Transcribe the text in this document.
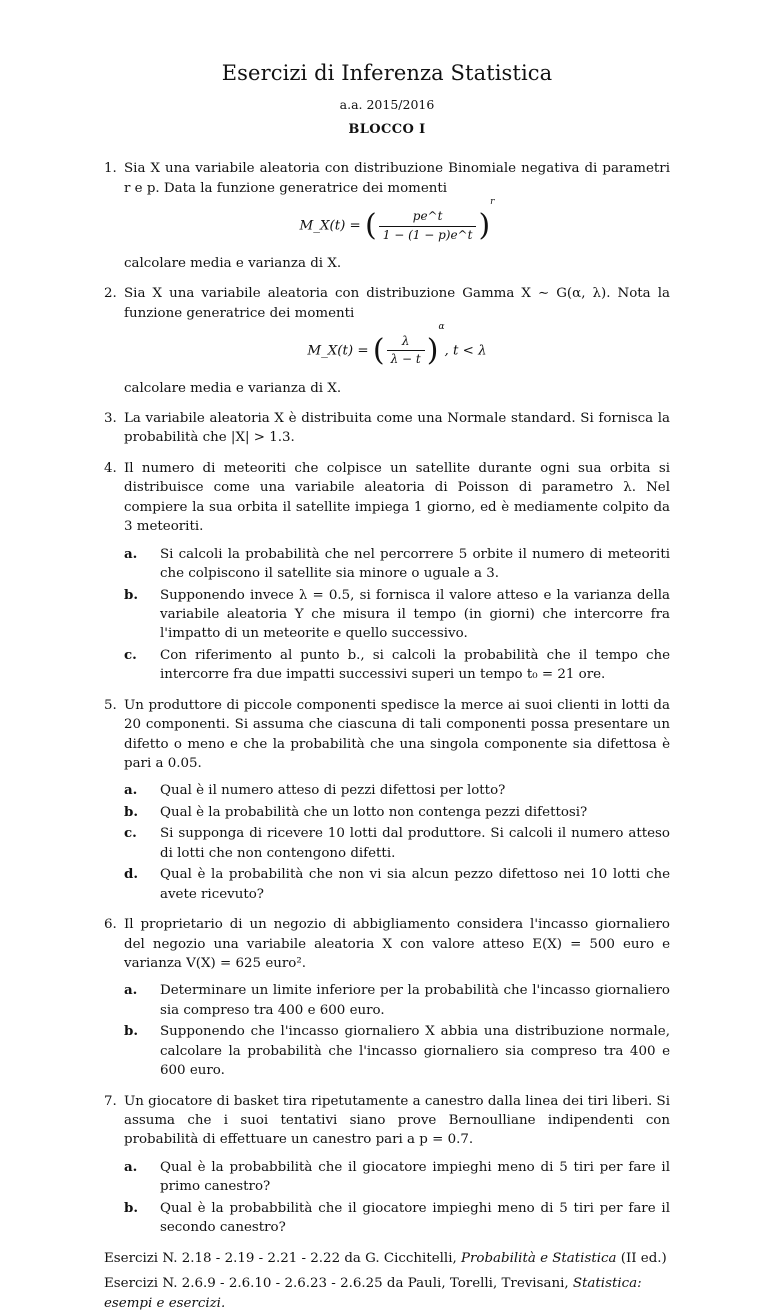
Esercizi di Inferenza Statistica
a.a. 2015/2016
BLOCCO I
1. Sia X una variabile aleatoria con distribuzione Binomiale negativa di parametri r e p. Data la funzione generatrice dei momenti
M_X(t) = ( $\frac{pe\^{}t}{1 - (1 - p)e\^{}t} )^r$
calcolare media e varianza di X.
2. Sia X una variabile aleatoria con distribuzione Gamma X ∼ G(α, λ). Nota la funzione generatrice dei momenti
M_X(t) = ( $\frac{\lambda}{\lambda - t} )^\alpha$, t < λ
calcolare media e varianza di X.
3. La variabile aleatoria X è distribuita come una Normale standard. Si fornisca la probabilità che |X| > 1.3.
4. Il numero di meteoriti che colpisce un satellite durante ogni sua orbita si distribuisce come una variabile aleatoria di Poisson di parametro λ. Nel compiere la sua orbita il satellite impiega 1 giorno, ed è mediamente colpito da 3 meteoriti.
a. Si calcoli la probabilità che nel percorrere 5 orbite il numero di meteoriti che colpiscono il satellite sia minore o uguale a 3.
b. Supponendo invece λ = 0.5, si fornisca il valore atteso e la varianza della variabile aleatoria Y che misura il tempo (in giorni) che intercorre fra l'impatto di un meteorite e quello successivo.
c. Con riferimento al punto b., si calcoli la probabilità che il tempo che intercorre fra due impatti successivi superi un tempo t₀ = 21 ore.
5. Un produttore di piccole componenti spedisce la merce ai suoi clienti in lotti da 20 componenti. Si assuma che ciascuna di tali componenti possa presentare un difetto o meno e che la probabilità che una singola componente sia difettosa è pari a 0.05.
a. Qual è il numero atteso di pezzi difettosi per lotto?
b. Qual è la probabilità che un lotto non contenga pezzi difettosi?
c. Si supponga di ricevere 10 lotti dal produttore. Si calcoli il numero atteso di lotti che non contengono difetti.
d. Qual è la probabilità che non vi sia alcun pezzo difettoso nei 10 lotti che avete ricevuto?
6. Il proprietario di un negozio di abbigliamento considera l'incasso giornaliero del negozio una variabile aleatoria X con valore atteso E(X) = 500 euro e varianza V(X) = 625 euro².
a. Determinare un limite inferiore per la probabilità che l'incasso giornaliero sia compreso tra 400 e 600 euro.
b. Supponendo che l'incasso giornaliero X abbia una distribuzione normale, calcolare la probabilità che l'incasso giornaliero sia compreso tra 400 e 600 euro.
7. Un giocatore di basket tira ripetutamente a canestro dalla linea dei tiri liberi. Si assuma che i suoi tentativi siano prove Bernoulliane indipendenti con probabilità di effettuare un canestro pari a p = 0.7.
a. Qual è la probabbilità che il giocatore impieghi meno di 5 tiri per fare il primo canestro?
b. Qual è la probabbilità che il giocatore impieghi meno di 5 tiri per fare il secondo canestro?
Esercizi N. 2.18 - 2.19 - 2.21 - 2.22 da G. Cicchitelli, Probabilità e Statistica (II ed.)
Esercizi N. 2.6.9 - 2.6.10 - 2.6.23 - 2.6.25 da Pauli, Torelli, Trevisani, Statistica: esempi e esercizi.
